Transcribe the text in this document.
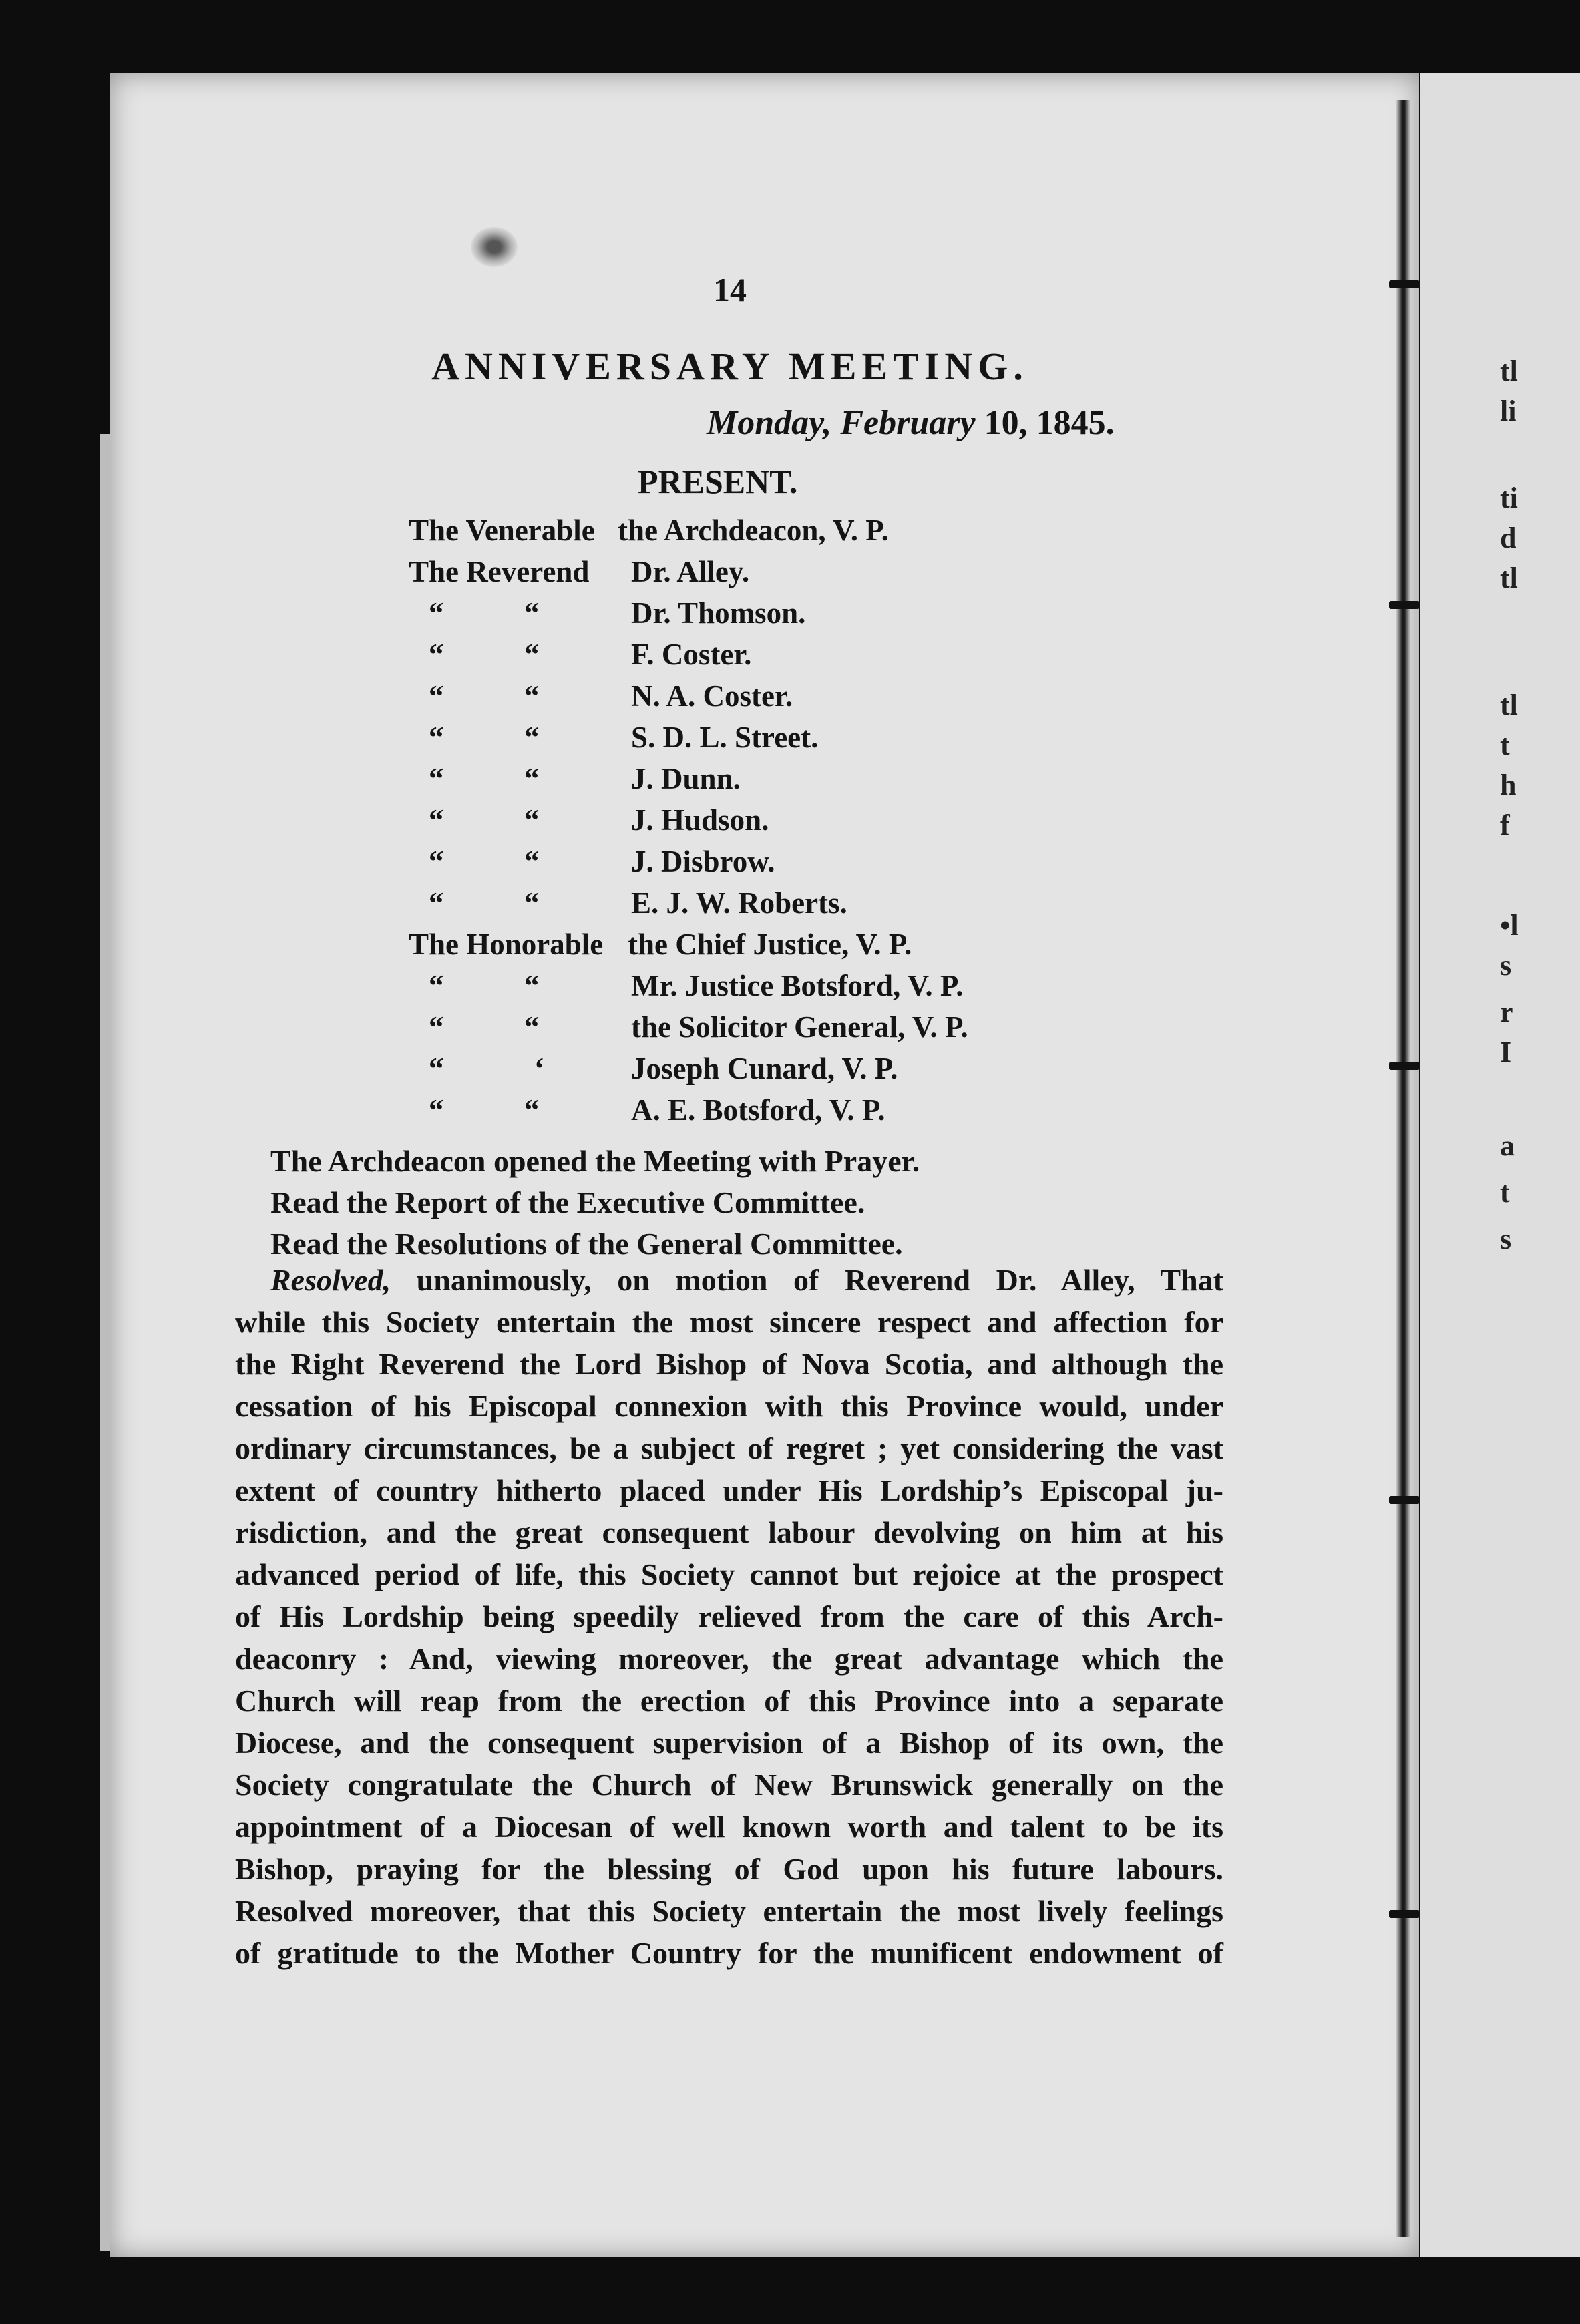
tl
li
ti
d
tl
tl
t
h
f
•l
s
r
I
a
t
s
14
ANNIVERSARY MEETING.
Monday, February 10, 1845.
PRESENT.
The Venerable the Archdeacon, V. P.
The Reverend Dr. Alley.
“	“	Dr. Thomson.
“	“	F. Coster.
“	“	N. A. Coster.
“	“	S. D. L. Street.
“	“	J. Dunn.
“	“	J. Hudson.
“	“	J. Disbrow.
“	“	E. J. W. Roberts.
The Honorable the Chief Justice, V. P.
“	“	Mr. Justice Botsford, V. P.
“	“	the Solicitor General, V. P.
“	‘	Joseph Cunard, V. P.
“	“	A. E. Botsford, V. P.
The Archdeacon opened the Meeting with Prayer.
Read the Report of the Executive Committee.
Read the Resolutions of the General Committee.
Resolved, unanimously, on motion of Reverend Dr. Alley, That
while this Society entertain the most sincere respect and affection for
the Right Reverend the Lord Bishop of Nova Scotia, and although the
cessation of his Episcopal connexion with this Province would, under
ordinary circumstances, be a subject of regret ; yet considering the vast
extent of country hitherto placed under His Lordship’s Episcopal ju-
risdiction, and the great consequent labour devolving on him at his
advanced period of life, this Society cannot but rejoice at the prospect
of His Lordship being speedily relieved from the care of this Arch-
deaconry : And, viewing moreover, the great advantage which the
Church will reap from the erection of this Province into a separate
Diocese, and the consequent supervision of a Bishop of its own, the
Society congratulate the Church of New Brunswick generally on the
appointment of a Diocesan of well known worth and talent to be its
Bishop, praying for the blessing of God upon his future labours.
Resolved moreover, that this Society entertain the most lively feelings
of gratitude to the Mother Country for the munificent endowment of
